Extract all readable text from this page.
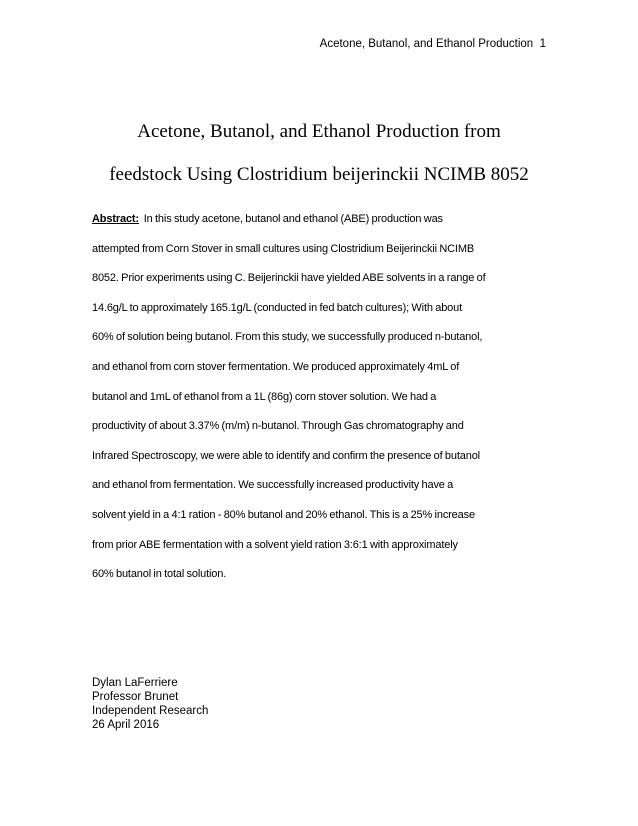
Acetone, Butanol, and Ethanol Production 1
Acetone, Butanol, and Ethanol Production from
feedstock Using Clostridium beijerinckii NCIMB 8052
Abstract: In this study acetone, butanol and ethanol (ABE) production was
attempted from Corn Stover in small cultures using Clostridium Beijerinckii NCIMB
8052. Prior experiments using C. Beijerinckii have yielded ABE solvents in a range of
14.6g/L to approximately 165.1g/L (conducted in fed batch cultures); With about
60% of solution being butanol. From this study, we successfully produced n-butanol,
and ethanol from corn stover fermentation. We produced approximately 4mL of
butanol and 1mL of ethanol from a 1L (86g) corn stover solution. We had a
productivity of about 3.37% (m/m) n-butanol. Through Gas chromatography and
Infrared Spectroscopy, we were able to identify and confirm the presence of butanol
and ethanol from fermentation. We successfully increased productivity have a
solvent yield in a 4:1 ration - 80% butanol and 20% ethanol. This is a 25% increase
from prior ABE fermentation with a solvent yield ration 3:6:1 with approximately
60% butanol in total solution.
Dylan LaFerriere
Professor Brunet
Independent Research
26 April 2016
